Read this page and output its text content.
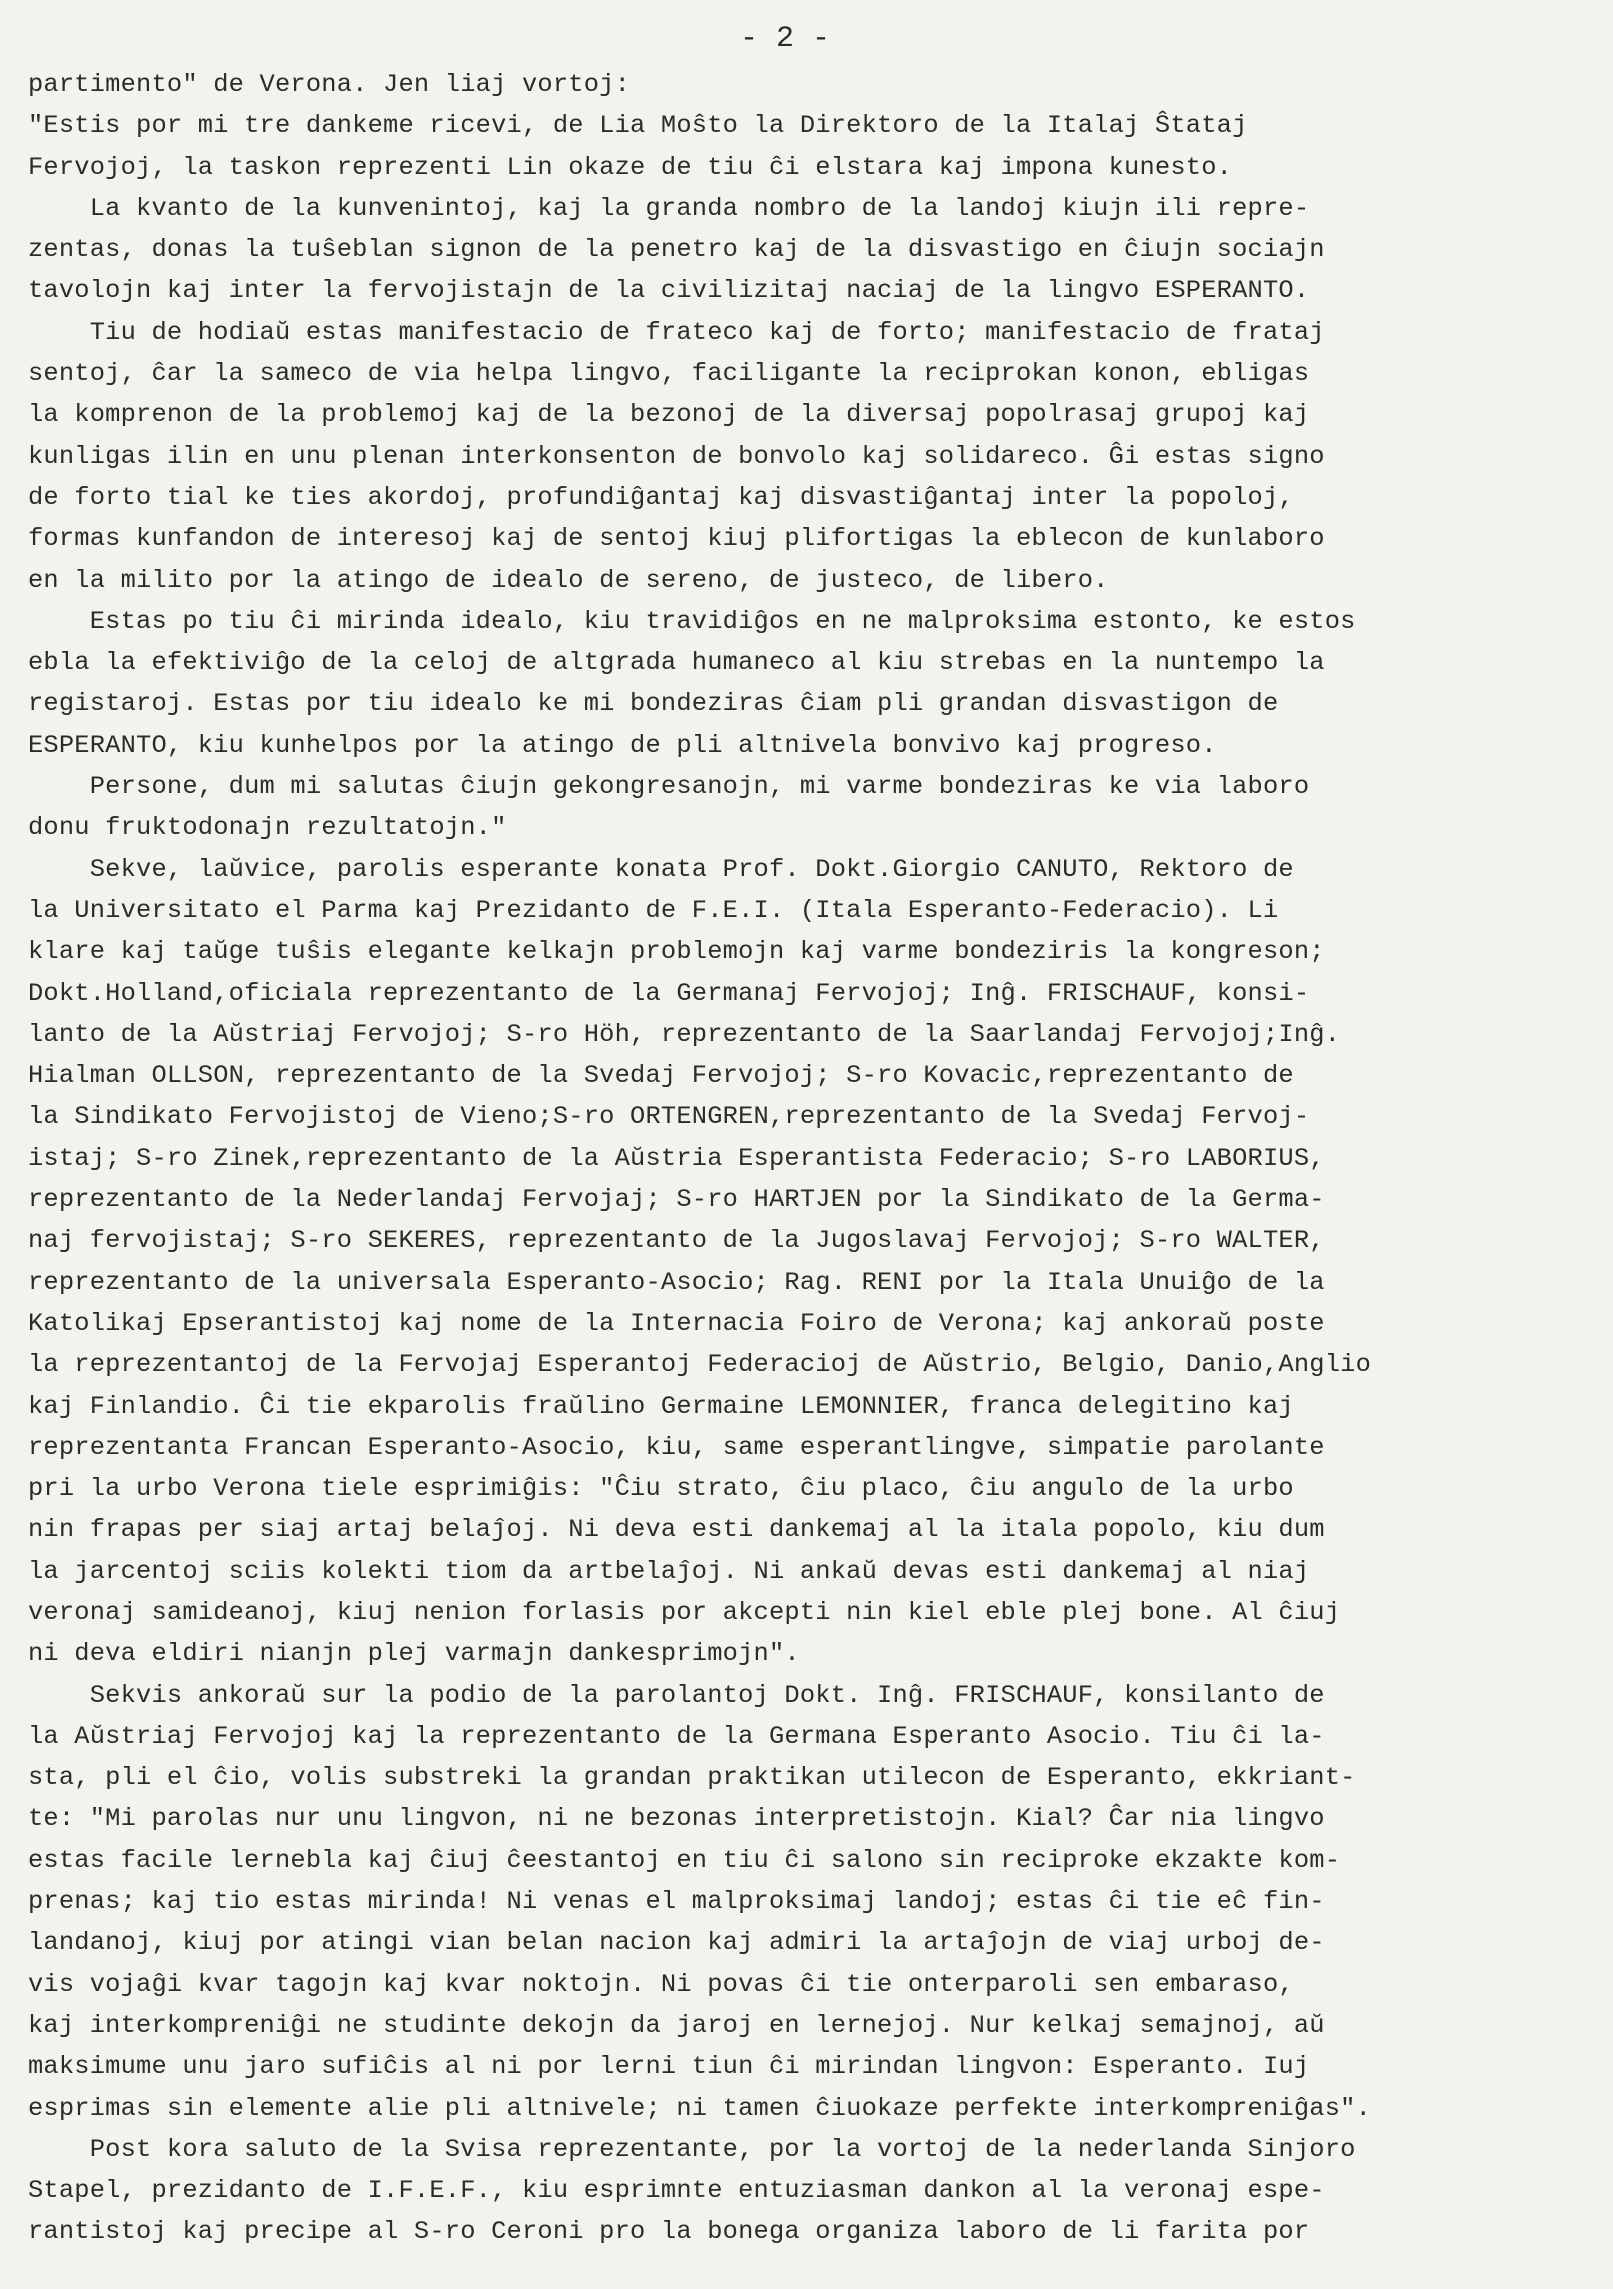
- 2 -
partimento" de Verona. Jen liaj vortoj:
"Estis por mi tre dankeme ricevi, de Lia Moŝto la Direktoro de la Italaj Ŝtataj
Fervojoj, la taskon reprezenti Lin okaze de tiu ĉi elstara kaj imponа kunesto.
La kvanto de la kunvenintoj, kaj la granda nombro de la landoj kiujn ili repre-
zentas, donas la tuŝeblan signon de la penetro kaj de la disvastigo en ĉiujn sociajn
tavolojn kaj inter la fervojistajn de la civilizitaj naciaj de la lingvo ESPERANTO.
Tiu de hodiaŭ estas manifestacio de frateco kaj de forto; manifestacio de frataj
sentoj, ĉar la sameco de via helpa lingvo, faciligante la reciprokan konon, ebligas
la komprenon de la problemoj kaj de la bezonoj de la diversaj popolrasaj grupoj kaj
kunligas ilin en unu plenan interkonsenton de bonvolo kaj solidareco. Ĝi estas signo
de forto tial ke ties akordoj, profundiĝantaj kaj disvastiĝantaj inter la popoloj,
formas kunfandon de interesoj kaj de sentoj kiuj plifortigas la eblecon de kunlaboro
en la milito por la atingo de idealo de sereno, de justeco, de libero.
Estas po tiu ĉi mirinda idealo, kiu travidiĝos en ne malproksima estonto, ke estos
ebla la efektiviĝo de la celoj de altgrada humaneco al kiu strebas en la nuntempo la
registaroj. Estas por tiu idealo ke mi bondeziras ĉiam pli grandan disvastigon de
ESPERANTO, kiu kunhelpos por la atingo de pli altnivela bonvivo kaj progreso.
Persone, dum mi salutas ĉiujn gekongresanojn, mi varme bondeziras ke via laboro
donu fruktodonajn rezultatojn."
Sekve, laŭvice, parolis esperante konata Prof. Dokt.Giorgio CANUTO, Rektoro de
la Universitato el Parma kaj Prezidanto de F.E.I. (Itala Esperanto-Federacio). Li
klare kaj taŭge tuŝis elegante kelkajn problemojn kaj varme bondeziris la kongreson;
Dokt.Holland,oficiala reprezentanto de la Germanaj Fervojoj; Inĝ. FRISCHAUF, konsi-
lanto de la Aŭstriaj Fervojoj; S-ro Höh, reprezentanto de la Saarlandaj Fervojoj;Inĝ.
Hialman OLLSON, reprezentanto de la Svedaj Fervojoj; S-ro Kovacic,reprezentanto de
la Sindikato Fervojistoj de Vieno;S-ro ORTENGREN,reprezentanto de la Svedaj Fervoj-
istaj; S-ro Zinek,reprezentanto de la Aŭstria Esperantista Federacio; S-ro LABORIUS,
reprezentanto de la Nederlandaj Fervojaj; S-ro HARTJEN por la Sindikato de la Germa-
naj fervojistaj; S-ro SEKERES, reprezentanto de la Jugoslavaj Fervojoj; S-ro WALTER,
reprezentanto de la universala Esperanto-Asocio; Rag. RENI por la Itala Unuiĝo de la
Katolikaj Epserantistoj kaj nome de la Internacia Foiro de Verona; kaj ankoraŭ poste
la reprezentantoj de la Fervojaj Esperantoj Federacioj de Aŭstrio, Belgio, Danio,Anglio
kaj Finlandio. Ĉi tie ekparolis fraŭlino Germaine LEMONNIER, franca delegitino kaj
reprezentanta Francan Esperanto-Asocio, kiu, same esperantlingve, simpatie parolante
pri la urbo Verona tiele esprimiĝis: "Ĉiu strato, ĉiu placo, ĉiu angulo de la urbo
nin frapas per siaj artaj belaĵoj. Ni devа esti dankemaj al la itala popolo, kiu dum
la jarcentoj sciis kolekti tiom da artbelaĵoj. Ni ankaŭ devas esti dankemaj al niaj
veronaj samideanoj, kiuj nenion forlasis por akcepti nin kiel eble plej bone. Al ĉiuj
ni deva eldiri nianjn plej varmajn dankesprimojn".
Sekvis ankoraŭ sur la podio de la parolantoj Dokt. Inĝ. FRISCHAUF, konsilanto de
la Aŭstriaj Fervojoj kaj la reprezentanto de la Germana Esperanto Asocio. Tiu ĉi la-
sta, pli el ĉio, volis substreki la grandan praktikan utilecon de Esperanto, ekkriant-
te: "Mi parolas nur unu lingvon, ni ne bezonas interpretistojn. Kial? Ĉar nia lingvo
estas facile lernebla kaj ĉiuj ĉeestantoj en tiu ĉi salono sin reciproke ekzakte kom-
prenas; kaj tio estas mirinda! Ni venas el malproksimaj landoj; estas ĉi tie eĉ fin-
landanoj, kiuj por atingi vian belan nacion kaj admiri la artaĵojn de viaj urboj de-
vis vojaĝi kvar tagojn kaj kvar noktojn. Ni povas ĉi tie onterparoli sen embaraso,
kaj interkompreniĝi ne studinte dekojn da jaroj en lernejoj. Nur kelkaj semajnoj, aŭ
maksimume unu jaro sufiĉis al ni por lerni tiun ĉi mirindan lingvon: Esperanto. Iuj
esprimas sin elemente alie pli altnivele; ni tamen ĉiuokaze perfekte interkompreniĝas".
Post kora saluto de la Svisa reprezentante, por la vortoj de la nederlanda Sinjoro
Stapel, prezidanto de I.F.E.F., kiu esprimnte entuziasman dankon al la veronaj espe-
rantistoj kaj precipe al S-ro Ceroni pro la bonega organiza laboro de li farita por
